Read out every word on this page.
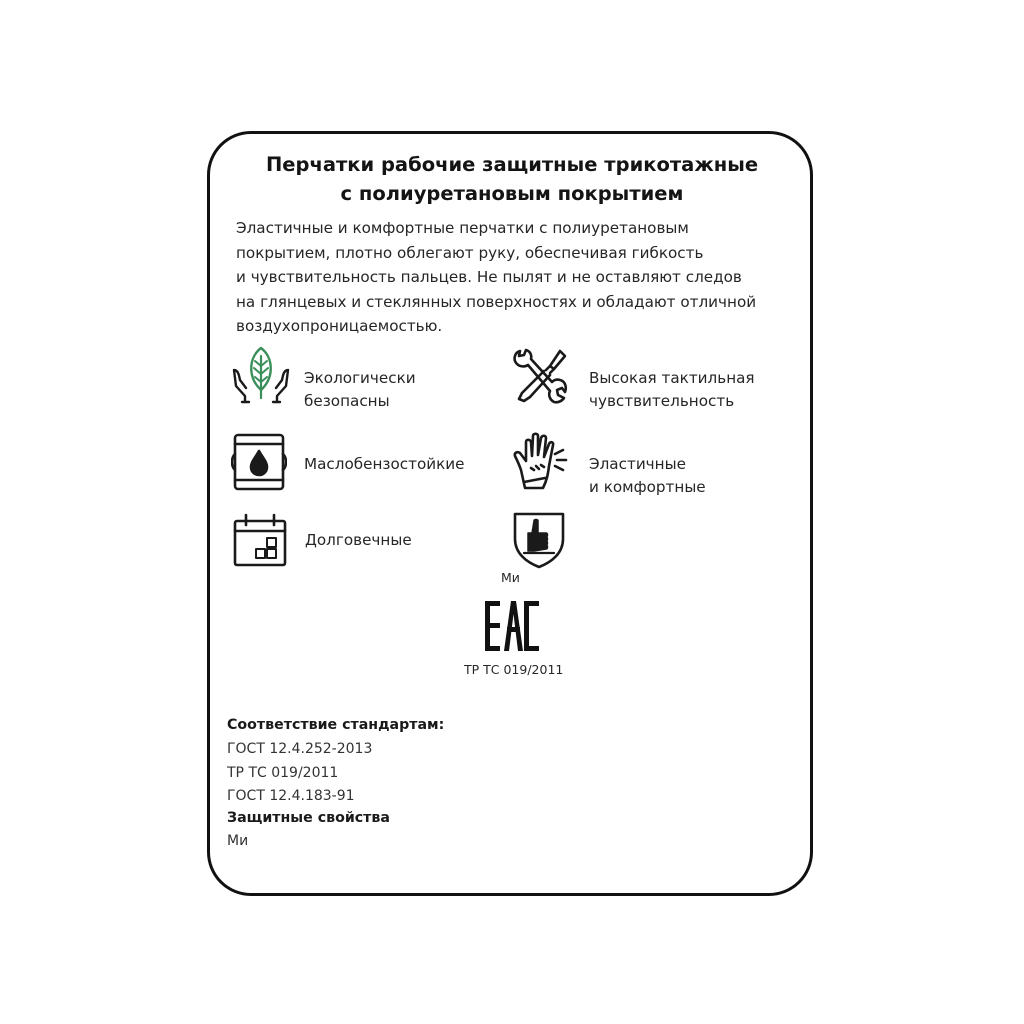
Перчатки рабочие защитные трикотажные
с полиуретановым покрытием
Эластичные и комфортные перчатки с полиуретановым
покрытием, плотно облегают руку, обеспечивая гибкость
и чувствительность пальцев. Не пылят и не оставляют следов
на глянцевых и стеклянных поверхностях и обладают отличной
воздухопроницаемостью.
Экологически
безопасны
Высокая тактильная
чувствительность
Маслобензостойкие	Эластичные
и комфортные
Долговечные
Ми
ТР ТС 019/2011
Соответствие стандартам:
ГОСТ 12.4.252-2013
ТР ТС 019/2011
ГОСТ 12.4.183-91
Защитные свойства
Ми
